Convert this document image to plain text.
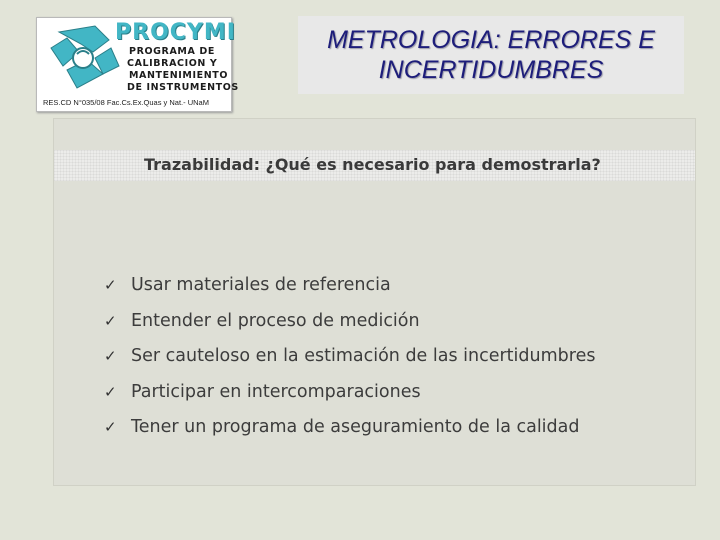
PROCYMI
PROGRAMA DE
CALIBRACION Y
MANTENIMIENTO
DE INSTRUMENTOS
RES.CD N°035/08 Fac.Cs.Ex.Quas y Nat.- UNaM
METROLOGIA: ERRORES E
INCERTIDUMBRES
Trazabilidad: ¿Qué es necesario para demostrarla?
✓ Usar materiales de referencia
✓ Entender el proceso de medición
✓ Ser cauteloso en la estimación de las incertidumbres
✓ Participar en intercomparaciones
✓ Tener un programa de aseguramiento de la calidad
